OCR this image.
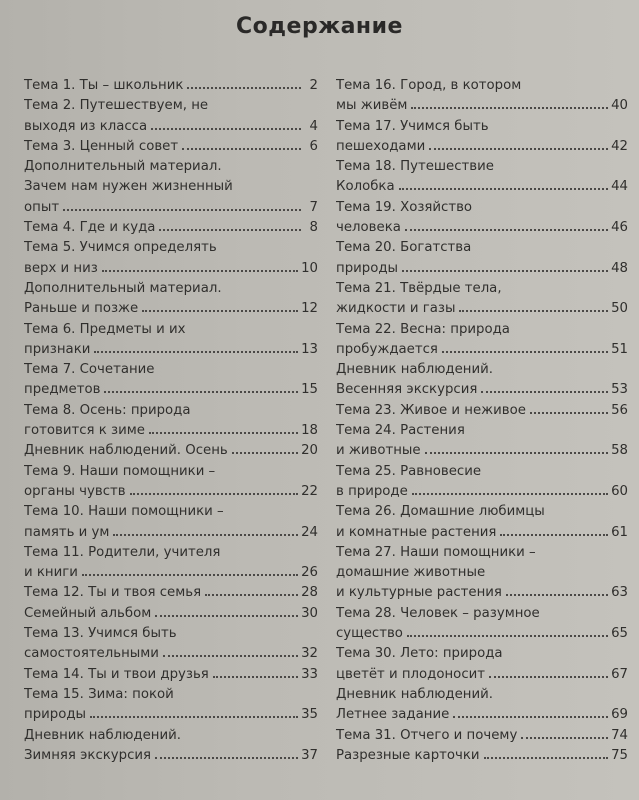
Содержание
Тема 1. Ты – школьник	2
Тема 2. Путешествуем, не
выходя из класса	4
Тема 3. Ценный совет	6
Дополнительный материал.
Зачем нам нужен жизненный
опыт	7
Тема 4. Где и куда	8
Тема 5. Учимся определять
верх и низ	10
Дополнительный материал.
Раньше и позже	12
Тема 6. Предметы и их
признаки	13
Тема 7. Сочетание
предметов	15
Тема 8. Осень: природа
готовится к зиме	18
Дневник наблюдений. Осень	20
Тема 9. Наши помощники –
органы чувств	22
Тема 10. Наши помощники –
память и ум	24
Тема 11. Родители, учителя
и книги	26
Тема 12. Ты и твоя семья	28
Семейный альбом	30
Тема 13. Учимся быть
самостоятельными	32
Тема 14. Ты и твои друзья	33
Тема 15. Зима: покой
природы	35
Дневник наблюдений.
Зимняя экскурсия	37
Тема 16. Город, в котором
мы живём	40
Тема 17. Учимся быть
пешеходами	42
Тема 18. Путешествие
Колобка	44
Тема 19. Хозяйство
человека	46
Тема 20. Богатства
природы	48
Тема 21. Твёрдые тела,
жидкости и газы	50
Тема 22. Весна: природа
пробуждается	51
Дневник наблюдений.
Весенняя экскурсия	53
Тема 23. Живое и неживое	56
Тема 24. Растения
и животные	58
Тема 25. Равновесие
в природе	60
Тема 26. Домашние любимцы
и комнатные растения	61
Тема 27. Наши помощники –
домашние животные
и культурные растения	63
Тема 28. Человек – разумное
существо	65
Тема 30. Лето: природа
цветёт и плодоносит	67
Дневник наблюдений.
Летнее задание	69
Тема 31. Отчего и почему	74
Разрезные карточки	75
